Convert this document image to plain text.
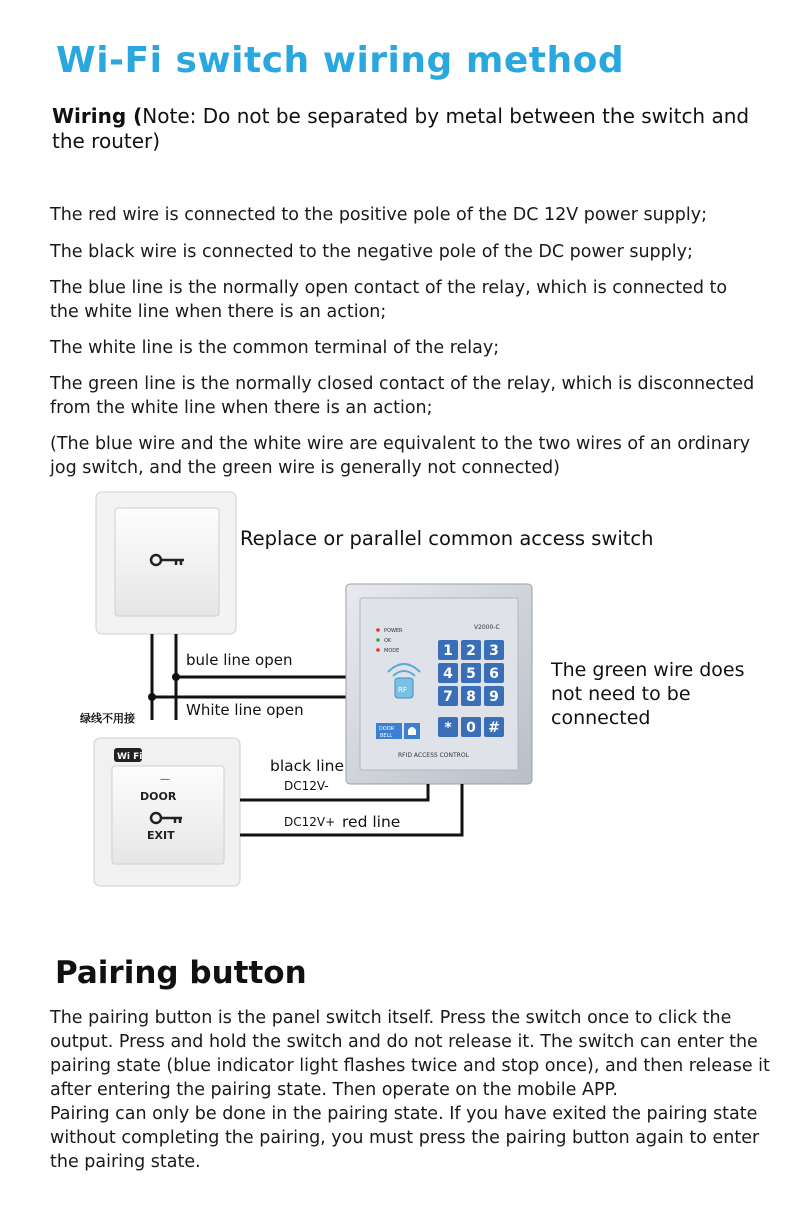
Wi-Fi switch wiring method
Wiring (Note: Do not be separated by metal between the switch and the router)
The red wire is connected to the positive pole of the DC 12V power supply;
The black wire is connected to the negative pole of the DC power supply;
The blue line is the normally open contact of the relay, which is connected to the white line when there is an action;
The white line is the common terminal of the relay;
The green line is the normally closed contact of the relay, which is disconnected from the white line when there is an action;
(The blue wire and the white wire are equivalent to the two wires of an ordinary jog switch, and the green wire is generally not connected)
V2000-C
POWER
OK
MODE
RF
DOOR
BELL
1 2 3
4 5 6
7 8 9
* 0 #
RFID ACCESS CONTROL
Wi Fi
—
DOOR
EXIT
Replace or parallel common access switch
bule line open
White line open
绿线不用接
black line
DC12V-
DC12V+ red line
The green wire does
not need to be
connected
Pairing button
The pairing button is the panel switch itself. Press the switch once to click the output. Press and hold the switch and do not release it. The switch can enter the pairing state (blue indicator light flashes twice and stop once), and then release it after entering the pairing state. Then operate on the mobile APP.
Pairing can only be done in the pairing state. If you have exited the pairing state without completing the pairing, you must press the pairing button again to enter the pairing state.
